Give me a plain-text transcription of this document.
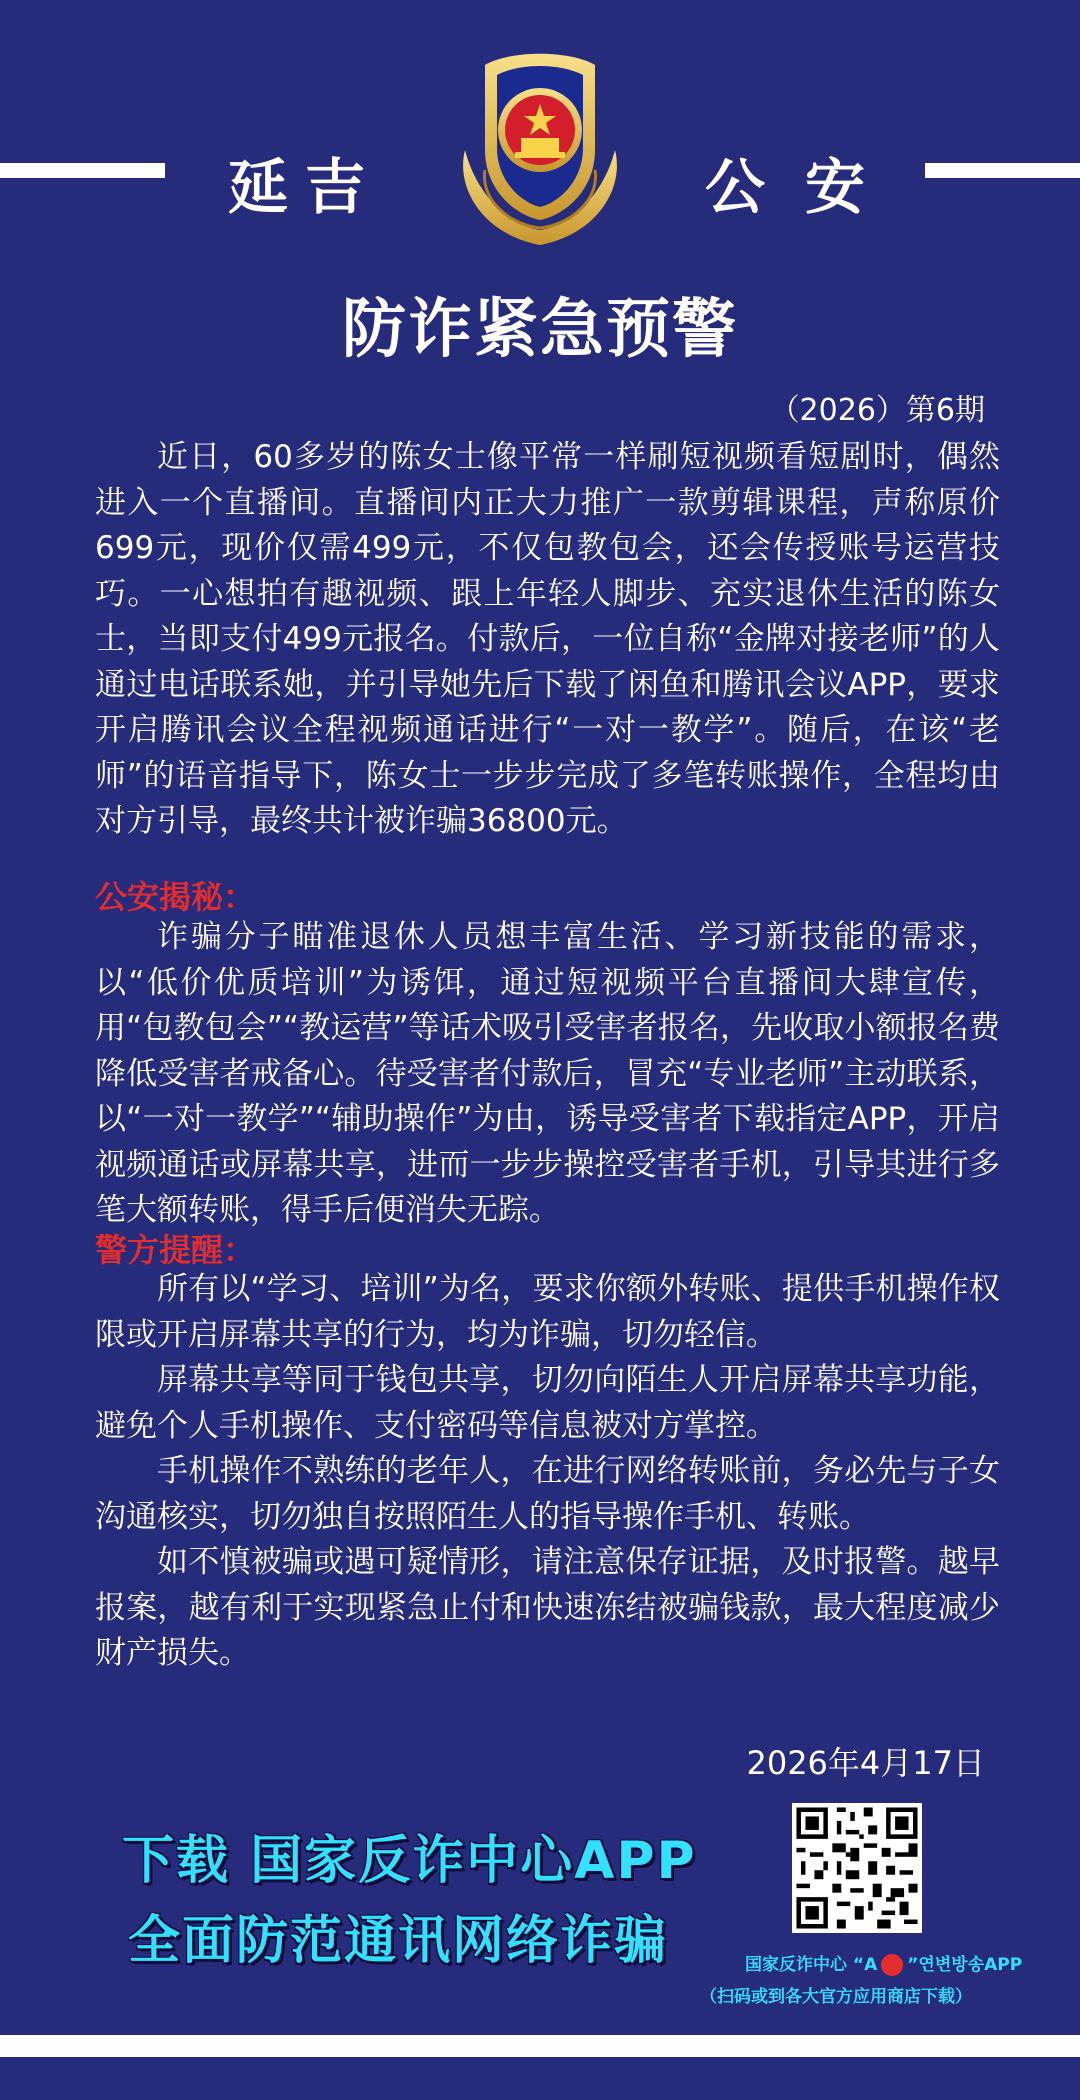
延 吉	公 安
防诈紧急预警
（2026）第6期

近日，60多岁的陈女士像平常一样刷短视频看短剧时，偶然进入一个直播间。直播间内正大力推广一款剪辑课程，声称原价699元，现价仅需499元，不仅包教包会，还会传授账号运营技巧。一心想拍有趣视频、跟上年轻人脚步、充实退休生活的陈女士，当即支付499元报名。付款后，一位自称“金牌对接老师”的人通过电话联系她，并引导她先后下载了闲鱼和腾讯会议APP，要求开启腾讯会议全程视频通话进行“一对一教学”。随后，在该“老师”的语音指导下，陈女士一步步完成了多笔转账操作，全程均由对方引导，最终共计被诈骗36800元。

公安揭秘：

诈骗分子瞄准退休人员想丰富生活、学习新技能的需求，以“低价优质培训”为诱饵，通过短视频平台直播间大肆宣传，用“包教包会”“教运营”等话术吸引受害者报名，先收取小额报名费降低受害者戒备心。待受害者付款后，冒充“专业老师”主动联系，以“一对一教学”“辅助操作”为由，诱导受害者下载指定APP，开启视频通话或屏幕共享，进而一步步操控受害者手机，引导其进行多笔大额转账，得手后便消失无踪。

警方提醒：

所有以“学习、培训”为名，要求你额外转账、提供手机操作权限或开启屏幕共享的行为，均为诈骗，切勿轻信。

屏幕共享等同于钱包共享，切勿向陌生人开启屏幕共享功能，避免个人手机操作、支付密码等信息被对方掌控。

手机操作不熟练的老年人，在进行网络转账前，务必先与子女沟通核实，切勿独自按照陌生人的指导操作手机、转账。

如不慎被骗或遇可疑情形，请注意保存证据，及时报警。越早报案，越有利于实现紧急止付和快速冻结被骗钱款，最大程度减少财产损失。

2026年4月17日
下载 国家反诈中心APP
全面防范通讯网络诈骗	国家反诈中心 “A ”연변방송APP
（扫码或到各大官方应用商店下载）
